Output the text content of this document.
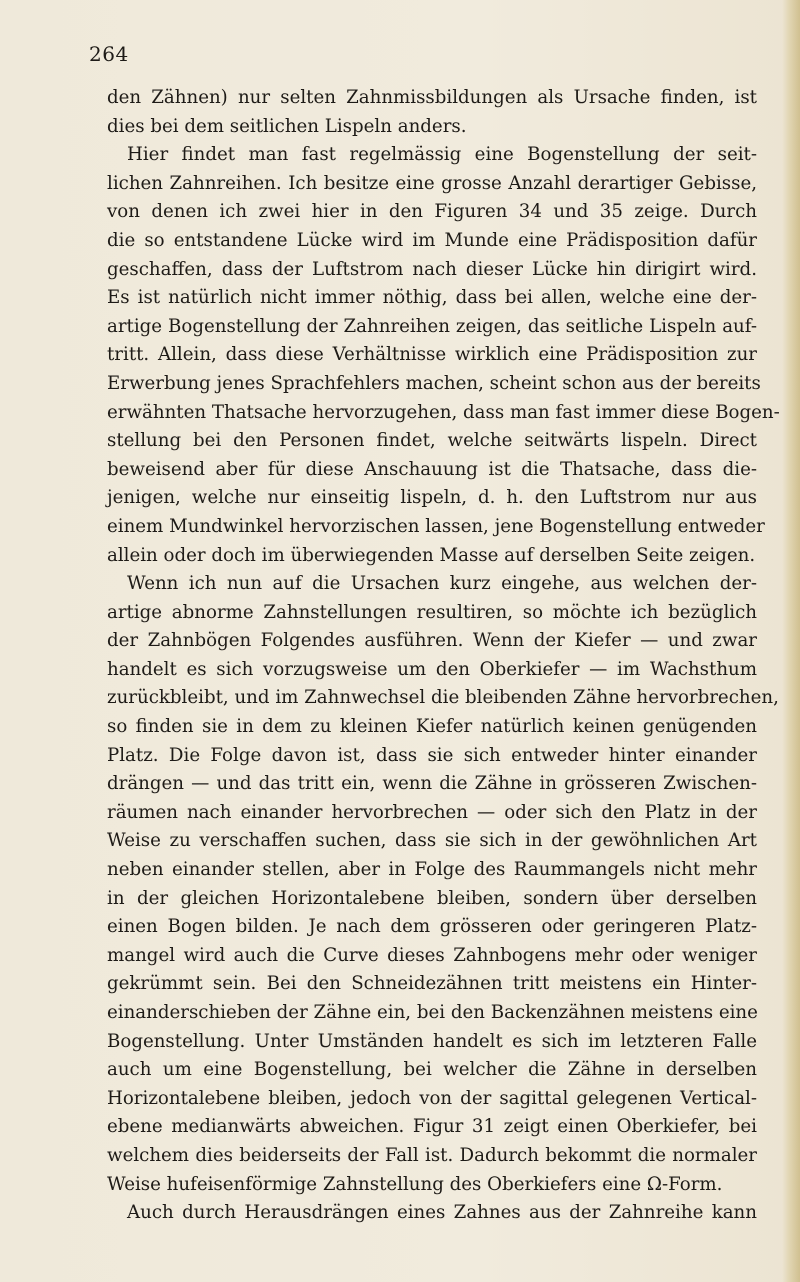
264
den Zähnen) nur selten Zahnmissbildungen als Ursache finden, ist
dies bei dem seitlichen Lispeln anders.
Hier findet man fast regelmässig eine Bogenstellung der seit-
lichen Zahnreihen. Ich besitze eine grosse Anzahl derartiger Gebisse,
von denen ich zwei hier in den Figuren 34 und 35 zeige. Durch
die so entstandene Lücke wird im Munde eine Prädisposition dafür
geschaffen, dass der Luftstrom nach dieser Lücke hin dirigirt wird.
Es ist natürlich nicht immer nöthig, dass bei allen, welche eine der-
artige Bogenstellung der Zahnreihen zeigen, das seitliche Lispeln auf-
tritt. Allein, dass diese Verhältnisse wirklich eine Prädisposition zur
Erwerbung jenes Sprachfehlers machen, scheint schon aus der bereits
erwähnten Thatsache hervorzugehen, dass man fast immer diese Bogen-
stellung bei den Personen findet, welche seitwärts lispeln. Direct
beweisend aber für diese Anschauung ist die Thatsache, dass die-
jenigen, welche nur einseitig lispeln, d. h. den Luftstrom nur aus
einem Mundwinkel hervorzischen lassen, jene Bogenstellung entweder
allein oder doch im überwiegenden Masse auf derselben Seite zeigen.
Wenn ich nun auf die Ursachen kurz eingehe, aus welchen der-
artige abnorme Zahnstellungen resultiren, so möchte ich bezüglich
der Zahnbögen Folgendes ausführen. Wenn der Kiefer — und zwar
handelt es sich vorzugsweise um den Oberkiefer — im Wachsthum
zurückbleibt, und im Zahnwechsel die bleibenden Zähne hervorbrechen,
so finden sie in dem zu kleinen Kiefer natürlich keinen genügenden
Platz. Die Folge davon ist, dass sie sich entweder hinter einander
drängen — und das tritt ein, wenn die Zähne in grösseren Zwischen-
räumen nach einander hervorbrechen — oder sich den Platz in der
Weise zu verschaffen suchen, dass sie sich in der gewöhnlichen Art
neben einander stellen, aber in Folge des Raummangels nicht mehr
in der gleichen Horizontalebene bleiben, sondern über derselben
einen Bogen bilden. Je nach dem grösseren oder geringeren Platz-
mangel wird auch die Curve dieses Zahnbogens mehr oder weniger
gekrümmt sein. Bei den Schneidezähnen tritt meistens ein Hinter-
einanderschieben der Zähne ein, bei den Backenzähnen meistens eine
Bogenstellung. Unter Umständen handelt es sich im letzteren Falle
auch um eine Bogenstellung, bei welcher die Zähne in derselben
Horizontalebene bleiben, jedoch von der sagittal gelegenen Vertical-
ebene medianwärts abweichen. Figur 31 zeigt einen Oberkiefer, bei
welchem dies beiderseits der Fall ist. Dadurch bekommt die normaler
Weise hufeisenförmige Zahnstellung des Oberkiefers eine Ω-Form.
Auch durch Herausdrängen eines Zahnes aus der Zahnreihe kann
